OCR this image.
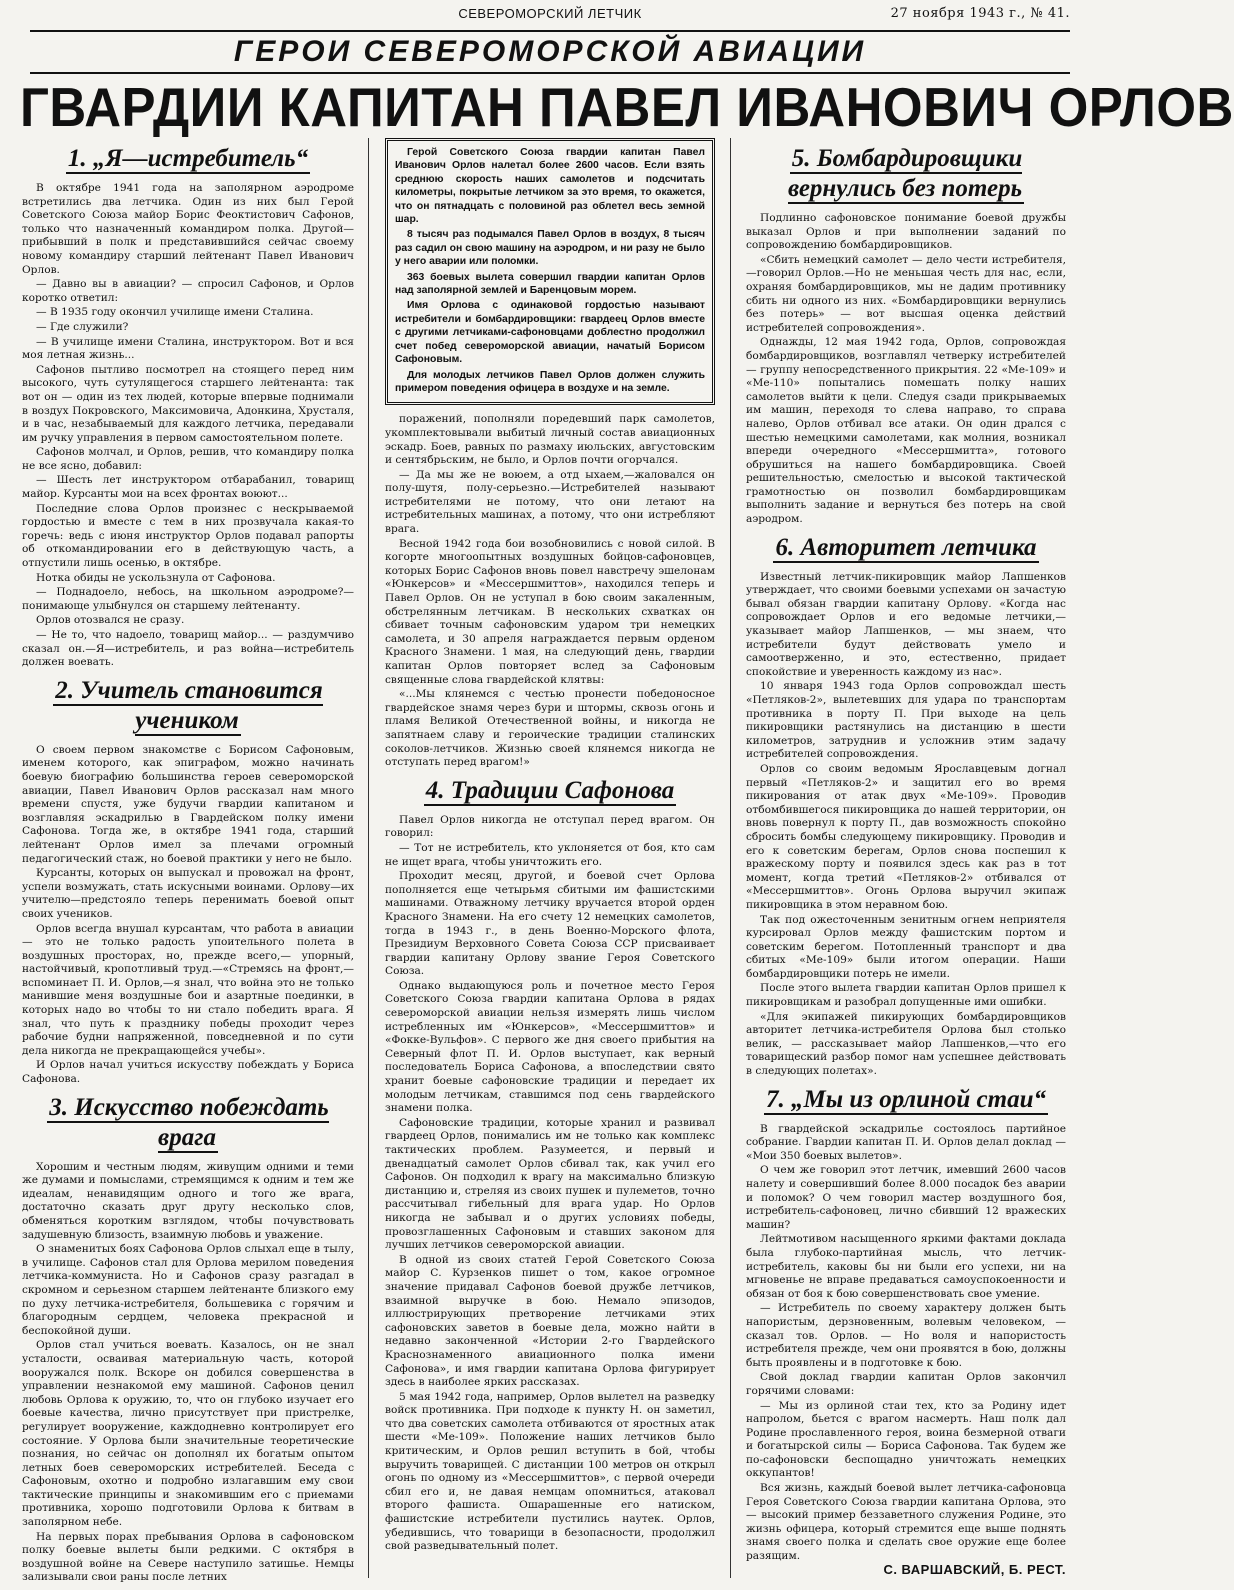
СЕВЕРОМОРСКИЙ ЛЕТЧИК	27 ноября 1943 г., № 41.
ГЕРОИ СЕВЕРОМОРСКОЙ АВИАЦИИ
ГВАРДИИ КАПИТАН ПАВЕЛ ИВАНОВИЧ ОРЛОВ
1. „Я—истребитель“

В октябре 1941 года на заполярном аэродроме встретились два летчика. Один из них был Герой Советского Союза майор Борис Феоктистович Сафонов, только что назначенный командиром полка. Другой—прибывший в полк и представившийся сейчас своему новому командиру старший лейтенант Павел Иванович Орлов.

— Давно вы в авиации? — спросил Сафонов, и Орлов коротко ответил:

— В 1935 году окончил училище имени Сталина.

— Где служили?

— В училище имени Сталина, инструктором. Вот и вся моя летная жизнь...

Сафонов пытливо посмотрел на стоящего перед ним высокого, чуть сутулящегося старшего лейтенанта: так вот он — один из тех людей, которые впервые поднимали в воздух Покровского, Максимовича, Адонкина, Хрусталя, и в час, незабываемый для каждого летчика, передавали им ручку управления в первом самостоятельном полете.

Сафонов молчал, и Орлов, решив, что командиру полка не все ясно, добавил:

— Шесть лет инструктором отбарабанил, товарищ майор. Курсанты мои на всех фронтах воюют...

Последние слова Орлов произнес с нескрываемой гордостью и вместе с тем в них прозвучала какая-то горечь: ведь с июня инструктор Орлов подавал рапорты об откомандировании его в действующую часть, а отпустили лишь осенью, в октябре.

Нотка обиды не ускользнула от Сафонова.

— Поднадоело, небось, на школьном аэродроме?—понимающе улыбнулся он старшему лейтенанту.

Орлов отозвался не сразу.

— Не то, что надоело, товарищ майор... — раздумчиво сказал он.—Я—истребитель, и раз война—истребитель должен воевать.

2. Учитель становится учеником

О своем первом знакомстве с Борисом Сафоновым, именем которого, как эпиграфом, можно начинать боевую биографию большинства героев североморской авиации, Павел Иванович Орлов рассказал нам много времени спустя, уже будучи гвардии капитаном и возглавляя эскадрилью в Гвардейском полку имени Сафонова. Тогда же, в октябре 1941 года, старший лейтенант Орлов имел за плечами огромный педагогический стаж, но боевой практики у него не было.

Курсанты, которых он выпускал и провожал на фронт, успели возмужать, стать искусными воинами. Орлову—их учителю—предстояло теперь перенимать боевой опыт своих учеников.

Орлов всегда внушал курсантам, что работа в авиации — это не только радость упоительного полета в воздушных просторах, но, прежде всего,— упорный, настойчивый, кропотливый труд.—«Стремясь на фронт,—вспоминает П. И. Орлов,—я знал, что война это не только манившие меня воздушные бои и азартные поединки, в которых надо во чтобы то ни стало победить врага. Я знал, что путь к празднику победы проходит через рабочие будни напряженной, повседневной и по сути дела никогда не прекращающейся учебы».

И Орлов начал учиться искусству побеждать у Бориса Сафонова.

3. Искусство побеждать врага

Хорошим и честным людям, живущим одними и теми же думами и помыслами, стремящимся к одним и тем же идеалам, ненавидящим одного и того же врага, достаточно сказать друг другу несколько слов, обменяться коротким взглядом, чтобы почувствовать задушевную близость, взаимную любовь и уважение.

О знаменитых боях Сафонова Орлов слыхал еще в тылу, в училище. Сафонов стал для Орлова мерилом поведения летчика-коммуниста. Но и Сафонов сразу разгадал в скромном и серьезном старшем лейтенанте близкого ему по духу летчика-истребителя, большевика с горячим и благородным сердцем, человека прекрасной и беспокойной души.

Орлов стал учиться воевать. Казалось, он не знал усталости, осваивая материальную часть, которой вооружался полк. Вскоре он добился совершенства в управлении незнакомой ему машиной. Сафонов ценил любовь Орлова к оружию, то, что он глубоко изучает его боевые качества, лично присутствует при пристрелке, регулирует вооружение, каждодневно контролирует его состояние. У Орлова были значительные теоретические познания, но сейчас он дополнял их богатым опытом летных боев североморских истребителей. Беседа с Сафоновым, охотно и подробно излагавшим ему свои тактические принципы и знакомившим его с приемами противника, хорошо подготовили Орлова к битвам в заполярном небе.

На первых порах пребывания Орлова в сафоновском полку боевые вылеты были редкими. С октября в воздушной войне на Севере наступило затишье. Немцы зализывали свои раны после летних

Герой Советского Союза гвардии капитан Павел Иванович Орлов налетал более 2600 часов. Если взять среднюю скорость наших самолетов и подсчитать километры, покрытые летчиком за это время, то окажется, что он пятнадцать с половиной раз облетел весь земной шар.

8 тысяч раз подымался Павел Орлов в воздух, 8 тысяч раз садил он свою машину на аэродром, и ни разу не было у него аварии или поломки.

363 боевых вылета совершил гвардии капитан Орлов над заполярной землей и Баренцовым морем.

Имя Орлова с одинаковой гордостью называют истребители и бомбардировщики: гвардеец Орлов вместе с другими летчиками-сафоновцами доблестно продолжил счет побед североморской авиации, начатый Борисом Сафоновым.

Для молодых летчиков Павел Орлов должен служить примером поведения офицера в воздухе и на земле.

поражений, пополняли поредевший парк самолетов, укомплектовывали выбитый личный состав авиационных эскадр. Боев, равных по размаху июльских, августовским и сентябрьским, не было, и Орлов почти огорчался.

— Да мы же не воюем, а отд ыхаем,—жаловался он полу-шутя, полу-серьезно.—Истребителей называют истребителями не потому, что они летают на истребительных машинах, а потому, что они истребляют врага.

Весной 1942 года бои возобновились с новой силой. В когорте многоопытных воздушных бойцов-сафоновцев, которых Борис Сафонов вновь повел навстречу эшелонам «Юнкерсов» и «Мессершмиттов», находился теперь и Павел Орлов. Он не уступал в бою своим закаленным, обстрелянным летчикам. В нескольких схватках он сбивает точным сафоновским ударом три немецких самолета, и 30 апреля награждается первым орденом Красного Знамени. 1 мая, на следующий день, гвардии капитан Орлов повторяет вслед за Сафоновым священные слова гвардейской клятвы:

«...Мы клянемся с честью пронести победоносное гвардейское знамя через бури и штормы, сквозь огонь и пламя Великой Отечественной войны, и никогда не запятнаем славу и героические традиции сталинских соколов-летчиков. Жизнью своей клянемся никогда не отступать перед врагом!»

4. Традиции Сафонова

Павел Орлов никогда не отступал перед врагом. Он говорил:

— Тот не истребитель, кто уклоняется от боя, кто сам не ищет врага, чтобы уничтожить его.

Проходит месяц, другой, и боевой счет Орлова пополняется еще четырьмя сбитыми им фашистскими машинами. Отважному летчику вручается второй орден Красного Знамени. На его счету 12 немецких самолетов, тогда в 1943 г., в день Военно-Морского флота, Президиум Верховного Совета Союза ССР присваивает гвардии капитану Орлову звание Героя Советского Союза.

Однако выдающуюся роль и почетное место Героя Советского Союза гвардии капитана Орлова в рядах североморской авиации нельзя измерять лишь числом истребленных им «Юнкерсов», «Мессершмиттов» и «Фокке-Вульфов». С первого же дня своего прибытия на Северный флот П. И. Орлов выступает, как верный последователь Бориса Сафонова, а впоследствии свято хранит боевые сафоновские традиции и передает их молодым летчикам, ставшимся под сень гвардейского знамени полка.

Сафоновские традиции, которые хранил и развивал гвардеец Орлов, понимались им не только как комплекс тактических проблем. Разумеется, и первый и двенадцатый самолет Орлов сбивал так, как учил его Сафонов. Он подходил к врагу на максимально близкую дистанцию и, стреляя из своих пушек и пулеметов, точно рассчитывал гибельный для врага удар. Но Орлов никогда не забывал и о других условиях победы, провозглашенных Сафоновым и ставших законом для лучших летчиков североморской авиации.

В одной из своих статей Герой Советского Союза майор С. Курзенков пишет о том, какое огромное значение придавал Сафонов боевой дружбе летчиков, взаимной выручке в бою. Немало эпизодов, иллюстрирующих претворение летчиками этих сафоновских заветов в боевые дела, можно найти в недавно законченной «Истории 2-го Гвардейского Краснознаменного авиационного полка имени Сафонова», и имя гвардии капитана Орлова фигурирует здесь в наиболее ярких рассказах.

5 мая 1942 года, например, Орлов вылетел на разведку войск противника. При подходе к пункту Н. он заметил, что два советских самолета отбиваются от яростных атак шести «Ме-109». Положение наших летчиков было критическим, и Орлов решил вступить в бой, чтобы выручить товарищей. С дистанции 100 метров он открыл огонь по одному из «Мессершмиттов», с первой очереди сбил его и, не давая немцам опомниться, атаковал второго фашиста. Ошарашенные его натиском, фашистские истребители пустились наутек. Орлов, убедившись, что товарищи в безопасности, продолжил свой разведывательный полет.

5. Бомбардировщики вернулись без потерь

Подлинно сафоновское понимание боевой дружбы выказал Орлов и при выполнении заданий по сопровождению бомбардировщиков.

«Сбить немецкий самолет — дело чести истребителя,—говорил Орлов.—Но не меньшая честь для нас, если, охраняя бомбардировщиков, мы не дадим противнику сбить ни одного из них. «Бомбардировщики вернулись без потерь» — вот высшая оценка действий истребителей сопровождения».

Однажды, 12 мая 1942 года, Орлов, сопровождая бомбардировщиков, возглавлял четверку истребителей — группу непосредственного прикрытия. 22 «Ме-109» и «Ме-110» попытались помешать полку наших самолетов выйти к цели. Следуя сзади прикрываемых им машин, переходя то слева направо, то справа налево, Орлов отбивал все атаки. Он один дрался с шестью немецкими самолетами, как молния, возникал впереди очередного «Мессершмитта», готового обрушиться на нашего бомбардировщика. Своей решительностью, смелостью и высокой тактической грамотностью он позволил бомбардировщикам выполнить задание и вернуться без потерь на свой аэродром.

6. Авторитет летчика

Известный летчик-пикировщик майор Лапшенков утверждает, что своими боевыми успехами он зачастую бывал обязан гвардии капитану Орлову. «Когда нас сопровождает Орлов и его ведомые летчики,—указывает майор Лапшенков, — мы знаем, что истребители будут действовать умело и самоотверженно, и это, естественно, придает спокойствие и уверенность каждому из нас».

10 января 1943 года Орлов сопровождал шесть «Петляков-2», вылетевших для удара по транспортам противника в порту П. При выходе на цель пикировщики растянулись на дистанцию в шести километров, затруднив и усложнив этим задачу истребителей сопровождения.

Орлов со своим ведомым Ярославцевым догнал первый «Петляков-2» и защитил его во время пикирования от атак двух «Ме-109». Проводив отбомбившегося пикировщика до нашей территории, он вновь повернул к порту П., дав возможность спокойно сбросить бомбы следующему пикировщику. Проводив и его к советским берегам, Орлов снова поспешил к вражескому порту и появился здесь как раз в тот момент, когда третий «Петляков-2» отбивался от «Мессершмиттов». Огонь Орлова выручил экипаж пикировщика в этом неравном бою.

Так под ожесточенным зенитным огнем неприятеля курсировал Орлов между фашистским портом и советским берегом. Потопленный транспорт и два сбитых «Ме-109» были итогом операции. Наши бомбардировщики потерь не имели.

После этого вылета гвардии капитан Орлов пришел к пикировщикам и разобрал допущенные ими ошибки.

«Для экипажей пикирующих бомбардировщиков авторитет летчика-истребителя Орлова был столько велик, — рассказывает майор Лапшенков,—что его товарищеский разбор помог нам успешнее действовать в следующих полетах».

7. „Мы из орлиной стаи“

В гвардейской эскадрилье состоялось партийное собрание. Гвардии капитан П. И. Орлов делал доклад — «Мои 350 боевых вылетов».

О чем же говорил этот летчик, имевший 2600 часов налету и совершивший более 8.000 посадок без аварии и поломок? О чем говорил мастер воздушного боя, истребитель-сафоновец, лично сбивший 12 вражеских машин?

Лейтмотивом насыщенного яркими фактами доклада была глубоко-партийная мысль, что летчик-истребитель, каковы бы ни были его успехи, ни на мгновенье не вправе предаваться самоуспокоенности и обязан от боя к бою совершенствовать свое умение.

— Истребитель по своему характеру должен быть напористым, дерзновенным, волевым человеком, — сказал тов. Орлов. — Но воля и напористость истребителя прежде, чем они проявятся в бою, должны быть проявлены и в подготовке к бою.

Свой доклад гвардии капитан Орлов закончил горячими словами:

— Мы из орлиной стаи тех, кто за Родину идет напролом, бьется с врагом насмерть. Наш полк дал Родине прославленного героя, воина безмерной отваги и богатырской силы — Бориса Сафонова. Так будем же по-сафоновски беспощадно уничтожать немецких оккупантов!

Вся жизнь, каждый боевой вылет летчика-сафоновца Героя Советского Союза гвардии капитана Орлова, это — высокий пример беззаветного служения Родине, это жизнь офицера, который стремится еще выше поднять знамя своего полка и сделать свое оружие еще более разящим.

С. ВАРШАВСКИЙ, Б. РЕСТ.
